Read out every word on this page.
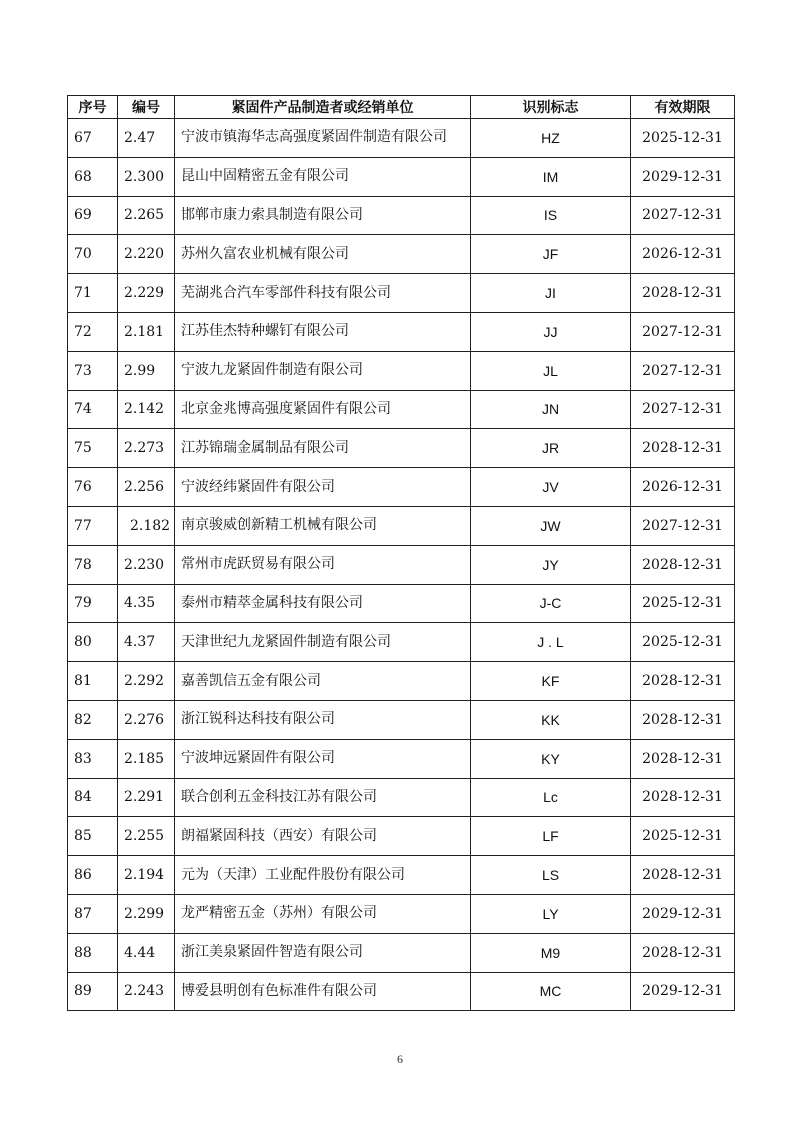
序号	编号	紧固件产品制造者或经销单位	识别标志	有效期限
67	2.47	宁波市镇海华志高强度紧固件制造有限公司	HZ	2025-12-31
68	2.300	昆山中固精密五金有限公司	IM	2029-12-31
69	2.265	邯郸市康力索具制造有限公司	IS	2027-12-31
70	2.220	苏州久富农业机械有限公司	JF	2026-12-31
71	2.229	芜湖兆合汽车零部件科技有限公司	JI	2028-12-31
72	2.181	江苏佳杰特种螺钉有限公司	JJ	2027-12-31
73	2.99	宁波九龙紧固件制造有限公司	JL	2027-12-31
74	2.142	北京金兆博高强度紧固件有限公司	JN	2027-12-31
75	2.273	江苏锦瑞金属制品有限公司	JR	2028-12-31
76	2.256	宁波经纬紧固件有限公司	JV	2026-12-31
77	2.182	南京骏威创新精工机械有限公司	JW	2027-12-31
78	2.230	常州市虎跃贸易有限公司	JY	2028-12-31
79	4.35	泰州市精萃金属科技有限公司	J-C	2025-12-31
80	4.37	天津世纪九龙紧固件制造有限公司	J . L	2025-12-31
81	2.292	嘉善凯信五金有限公司	KF	2028-12-31
82	2.276	浙江锐科达科技有限公司	KK	2028-12-31
83	2.185	宁波坤远紧固件有限公司	KY	2028-12-31
84	2.291	联合创利五金科技江苏有限公司	Lc	2028-12-31
85	2.255	朗福紧固科技（西安）有限公司	LF	2025-12-31
86	2.194	元为（天津）工业配件股份有限公司	LS	2028-12-31
87	2.299	龙严精密五金（苏州）有限公司	LY	2029-12-31
88	4.44	浙江美泉紧固件智造有限公司	M9	2028-12-31
89	2.243	博爱县明创有色标准件有限公司	MC	2029-12-31
6
